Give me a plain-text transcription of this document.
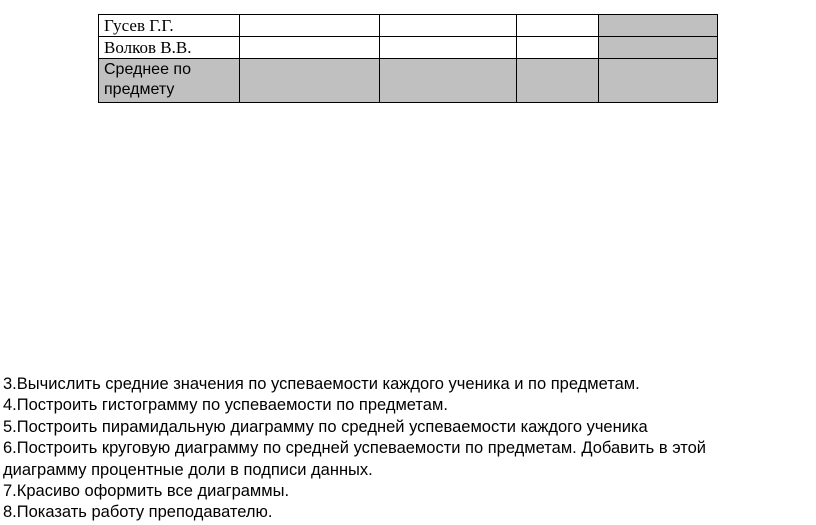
Гусев Г.Г.				
Волков В.В.				
Среднее по предмету				

3.Вычислить средние значения по успеваемости каждого ученика и по предметам.

4.Построить гистограмму по успеваемости по предметам.

5.Построить пирамидальную диаграмму по средней успеваемости каждого ученика

6.Построить круговую диаграмму по средней успеваемости по предметам. Добавить в этой диаграмму процентные доли в подписи данных.

7.Красиво оформить все диаграммы.

8.Показать работу преподавателю.
